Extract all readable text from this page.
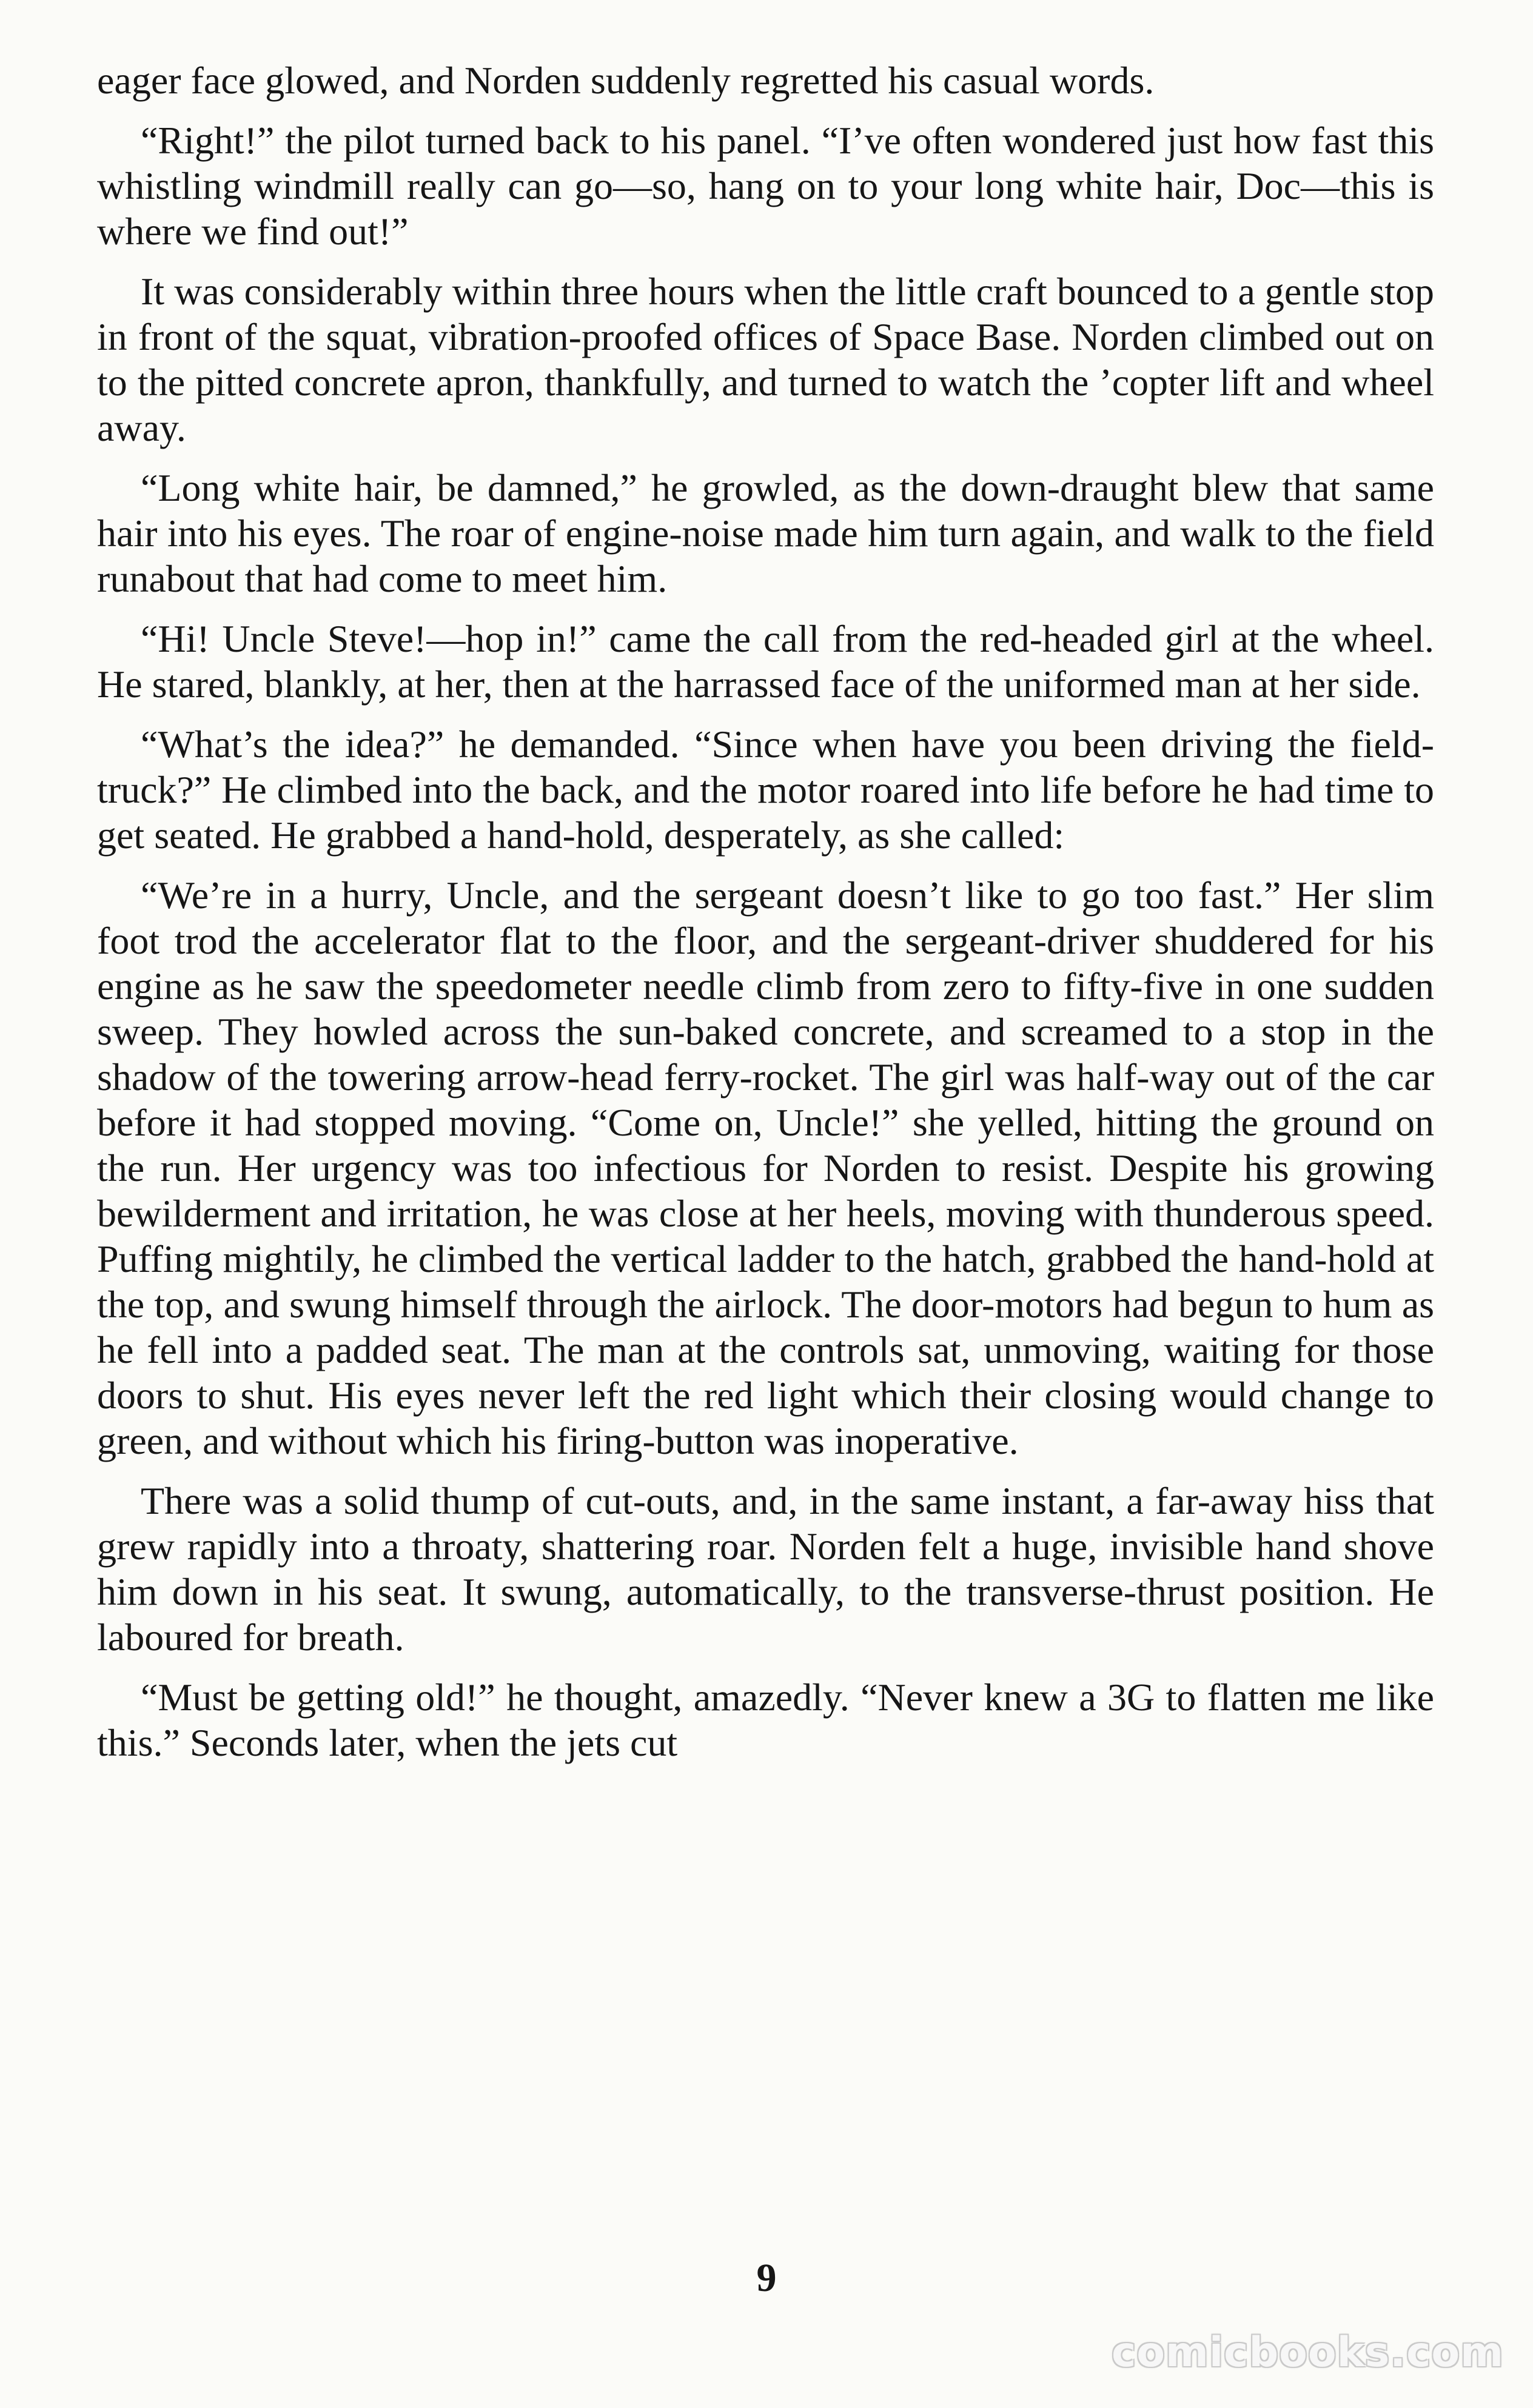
eager face glowed, and Norden suddenly regretted his casual words.

“Right!” the pilot turned back to his panel. “I’ve often wondered just how fast this whistling windmill really can go—so, hang on to your long white hair, Doc—this is where we find out!”

It was considerably within three hours when the little craft bounced to a gentle stop in front of the squat, vibration-proofed offices of Space Base. Norden climbed out on to the pitted concrete apron, thankfully, and turned to watch the ’copter lift and wheel away.

“Long white hair, be damned,” he growled, as the down-draught blew that same hair into his eyes. The roar of engine-noise made him turn again, and walk to the field runabout that had come to meet him.

“Hi! Uncle Steve!—hop in!” came the call from the red-headed girl at the wheel. He stared, blankly, at her, then at the harrassed face of the uniformed man at her side.

“What’s the idea?” he demanded. “Since when have you been driving the field-truck?” He climbed into the back, and the motor roared into life before he had time to get seated. He grabbed a hand-hold, desperately, as she called:

“We’re in a hurry, Uncle, and the sergeant doesn’t like to go too fast.” Her slim foot trod the accelerator flat to the floor, and the sergeant-driver shuddered for his engine as he saw the speedometer needle climb from zero to fifty-five in one sudden sweep. They howled across the sun-baked concrete, and screamed to a stop in the shadow of the towering arrow-head ferry-rocket. The girl was half-way out of the car before it had stopped moving. “Come on, Uncle!” she yelled, hitting the ground on the run. Her urgency was too infectious for Norden to resist. Despite his growing bewilderment and irritation, he was close at her heels, moving with thunderous speed. Puffing mightily, he climbed the vertical ladder to the hatch, grabbed the hand-hold at the top, and swung himself through the airlock. The door-motors had begun to hum as he fell into a padded seat. The man at the controls sat, unmoving, waiting for those doors to shut. His eyes never left the red light which their closing would change to green, and without which his firing-button was inoperative.

There was a solid thump of cut-outs, and, in the same instant, a far-away hiss that grew rapidly into a throaty, shattering roar. Norden felt a huge, invisible hand shove him down in his seat. It swung, automatically, to the transverse-thrust position. He laboured for breath.

“Must be getting old!” he thought, amazedly. “Never knew a 3G to flatten me like this.” Seconds later, when the jets cut

9
comicbooks.com
